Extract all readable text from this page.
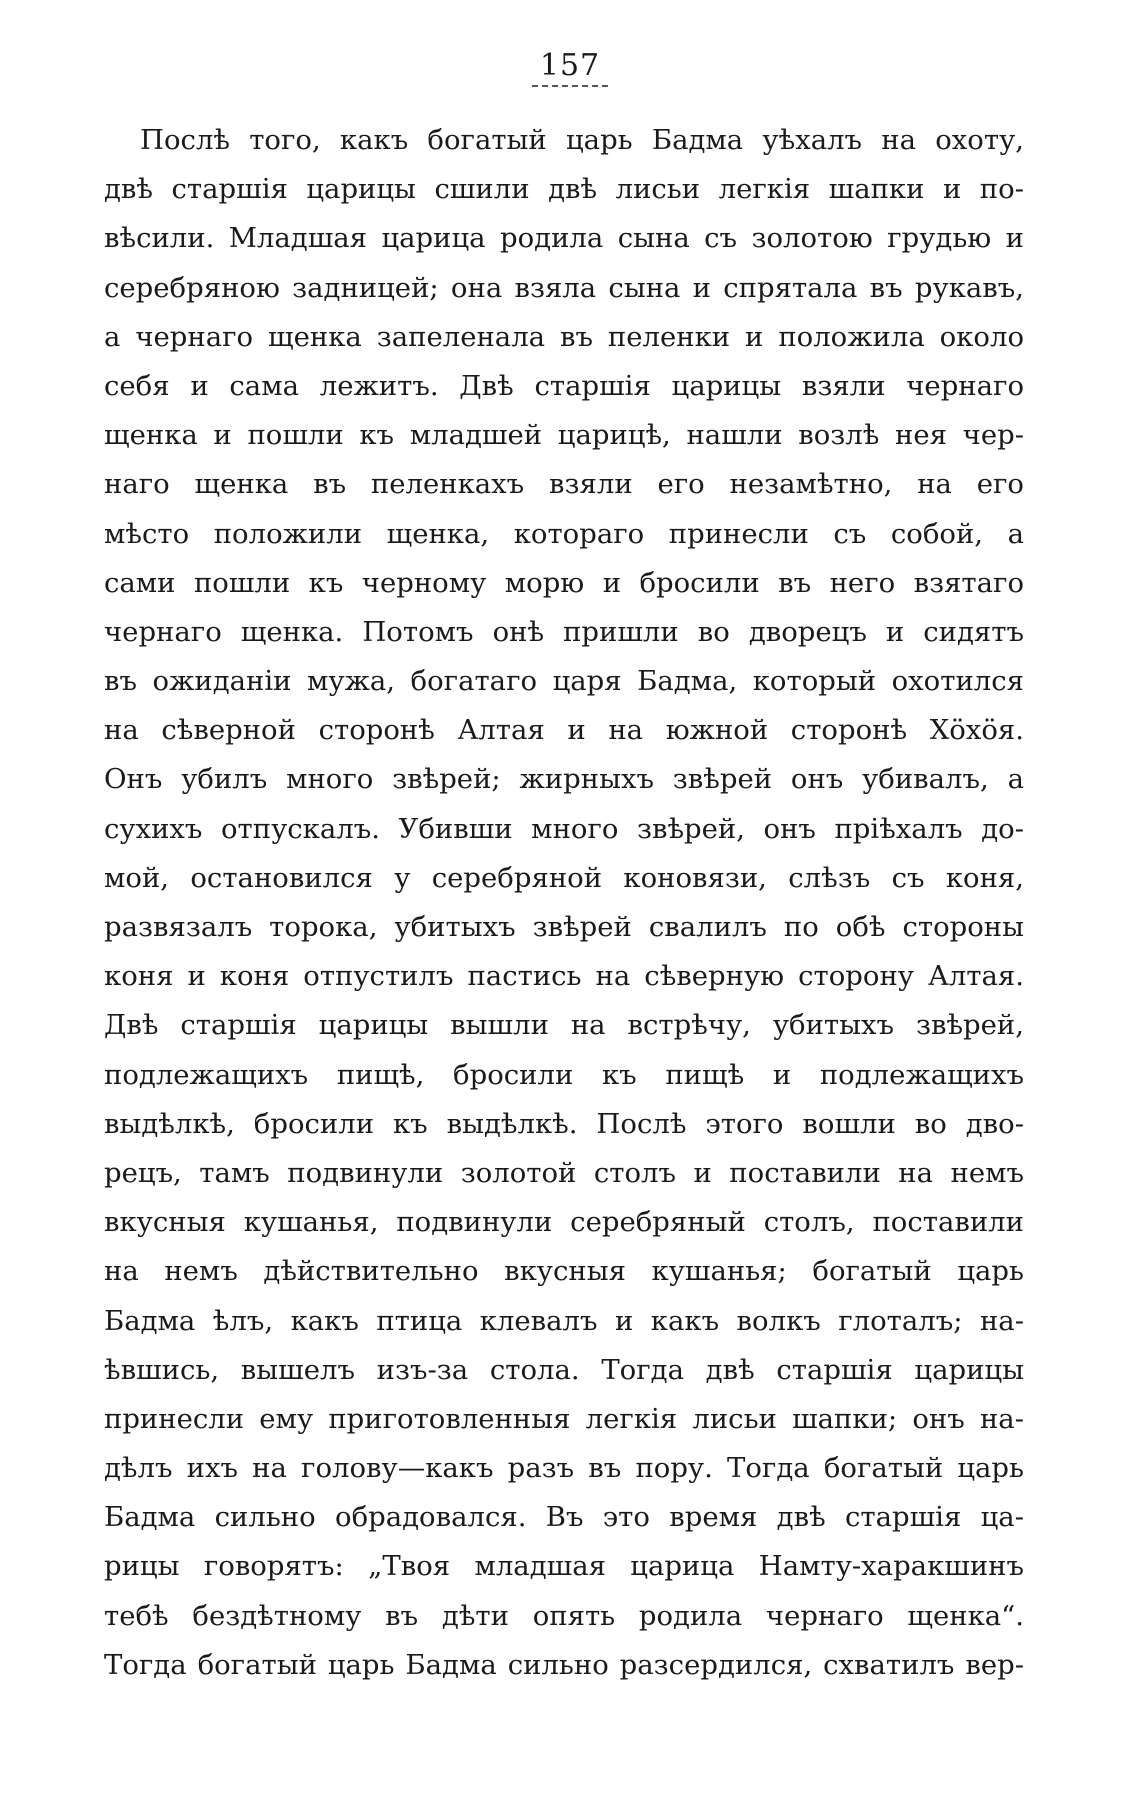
157
Послѣ того, какъ богатый царь Бадма уѣхалъ на охоту,
двѣ старшія царицы сшили двѣ лисьи легкія шапки и по-
вѣсили. Младшая царица родила сына съ золотою грудью и
серебряною задницей; она взяла сына и спрятала въ рукавъ,
а чернаго щенка запеленала въ пеленки и положила около
себя и сама лежитъ. Двѣ старшія царицы взяли чернаго
щенка и пошли къ младшей царицѣ, нашли возлѣ нея чер-
наго щенка въ пеленкахъ взяли его незамѣтно, на его
мѣсто положили щенка, котораго принесли съ собой, а
сами пошли къ черному морю и бросили въ него взятаго
чернаго щенка. Потомъ онѣ пришли во дворецъ и сидятъ
въ ожиданіи мужа, богатаго царя Бадма, который охотился
на сѣверной сторонѣ Алтая и на южной сторонѣ Хöхöя.
Онъ убилъ много звѣрей; жирныхъ звѣрей онъ убивалъ, а
сухихъ отпускалъ. Убивши много звѣрей, онъ пріѣхалъ до-
мой, остановился у серебряной коновязи, слѣзъ съ коня,
развязалъ торока, убитыхъ звѣрей свалилъ по обѣ стороны
коня и коня отпустилъ пастись на сѣверную сторону Алтая.
Двѣ старшія царицы вышли на встрѣчу, убитыхъ звѣрей,
подлежащихъ пищѣ, бросили къ пищѣ и подлежащихъ
выдѣлкѣ, бросили къ выдѣлкѣ. Послѣ этого вошли во дво-
рецъ, тамъ подвинули золотой столъ и поставили на немъ
вкусныя кушанья, подвинули серебряный столъ, поставили
на немъ дѣйствительно вкусныя кушанья; богатый царь
Бадма ѣлъ, какъ птица клевалъ и какъ волкъ глоталъ; на-
ѣвшись, вышелъ изъ-за стола. Тогда двѣ старшія царицы
принесли ему приготовленныя легкія лисьи шапки; онъ на-
дѣлъ ихъ на голову—какъ разъ въ пору. Тогда богатый царь
Бадма сильно обрадовался. Въ это время двѣ старшія ца-
рицы говорятъ: „Твоя младшая царица Намту-харакшинъ
тебѣ бездѣтному въ дѣти опять родила чернаго щенка“.
Тогда богатый царь Бадма сильно разсердился, схватилъ вер-
